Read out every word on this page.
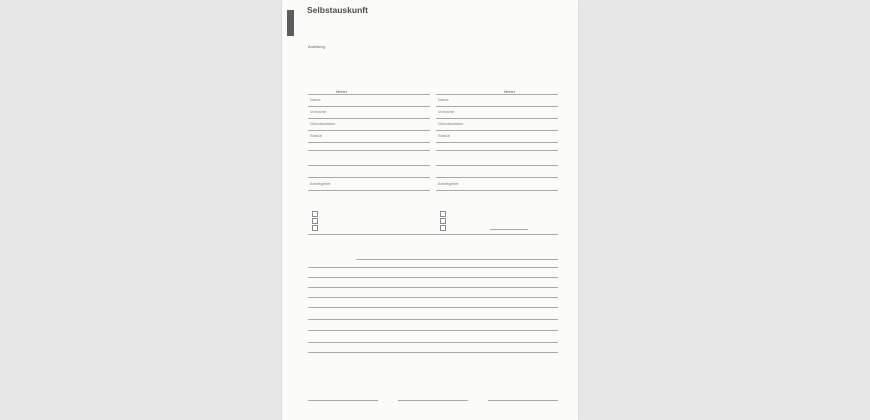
Selbstauskunft
Anleitung:
Mieter	Mieter
Name	Name
Vorname	Vorname
Geburtsdatum	Geburtsdatum
Straße	Straße
Arbeitgeber	Arbeitgeber
